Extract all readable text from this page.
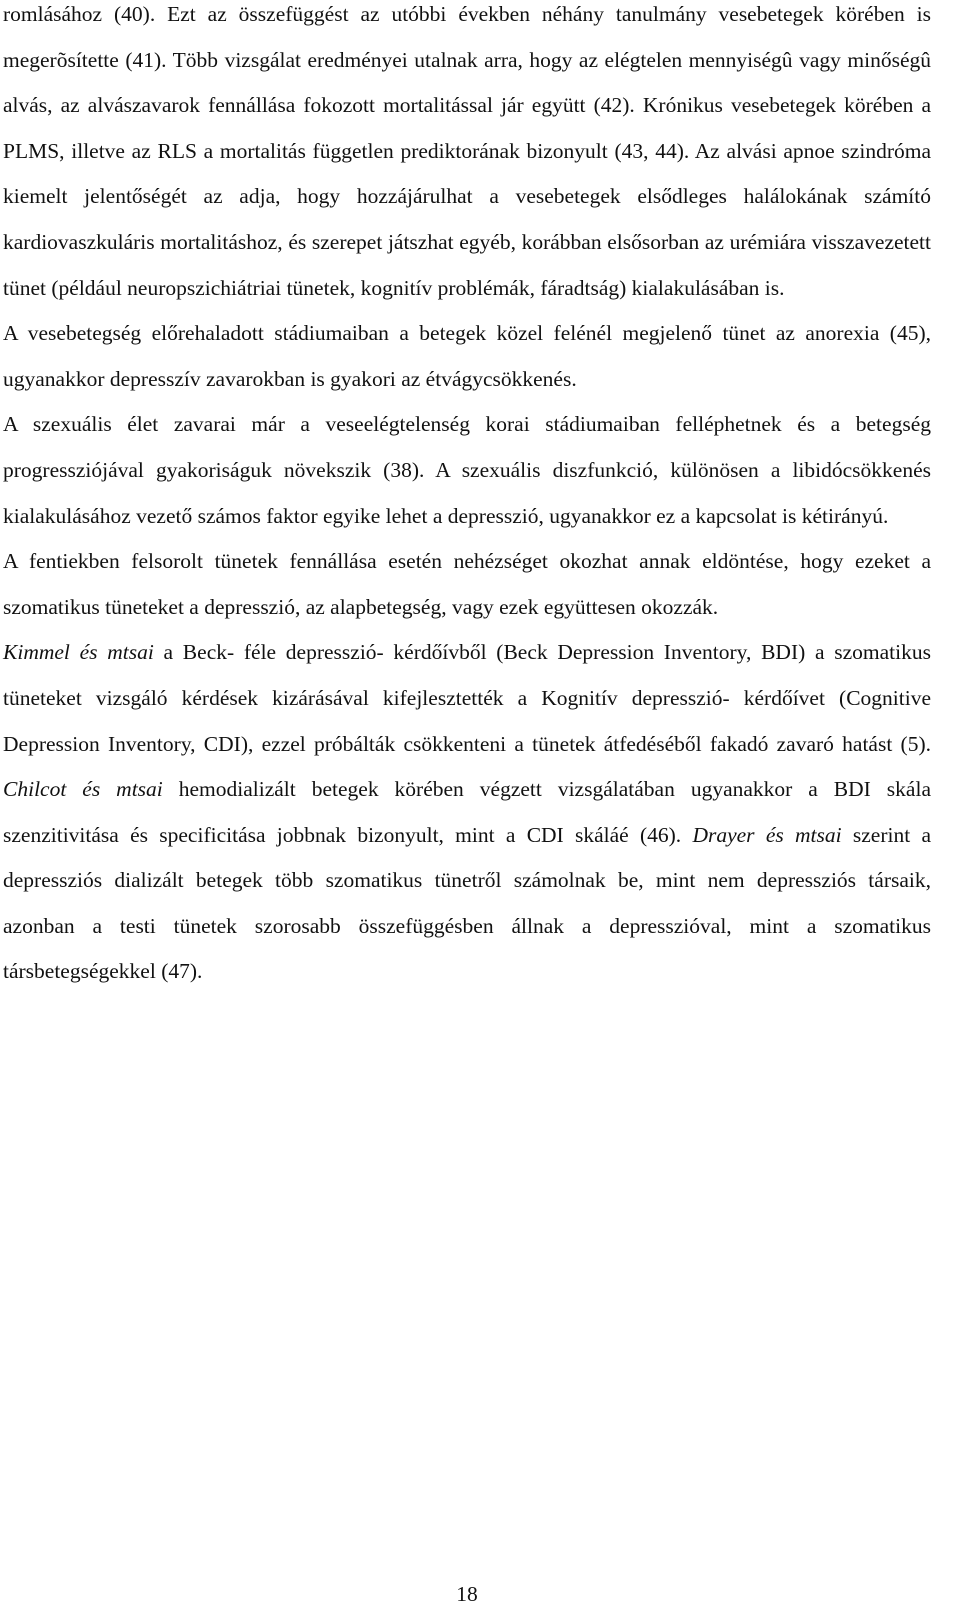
romlásához (40). Ezt az összefüggést az utóbbi években néhány tanulmány vesebetegek körében is megerõsítette (41). Több vizsgálat eredményei utalnak arra, hogy az elégtelen mennyiségû vagy minőségû alvás, az alvászavarok fennállása fokozott mortalitással jár együtt (42). Krónikus vesebetegek körében a PLMS, illetve az RLS a mortalitás független prediktorának bizonyult (43, 44). Az alvási apnoe szindróma kiemelt jelentőségét az adja, hogy hozzájárulhat a vesebetegek elsődleges halálokának számító kardiovaszkuláris mortalitáshoz, és szerepet játszhat egyéb, korábban elsősorban az urémiára visszavezetett tünet (például neuropszichiátriai tünetek, kognitív problémák, fáradtság) kialakulásában is.

A vesebetegség előrehaladott stádiumaiban a betegek közel felénél megjelenő tünet az anorexia (45), ugyanakkor depresszív zavarokban is gyakori az étvágycsökkenés.

A szexuális élet zavarai már a veseelégtelenség korai stádiumaiban felléphetnek és a betegség progressziójával gyakoriságuk növekszik (38). A szexuális diszfunkció, különösen a libidócsökkenés kialakulásához vezető számos faktor egyike lehet a depresszió, ugyanakkor ez a kapcsolat is kétirányú.

A fentiekben felsorolt tünetek fennállása esetén nehézséget okozhat annak eldöntése, hogy ezeket a szomatikus tüneteket a depresszió, az alapbetegség, vagy ezek együttesen okozzák.

Kimmel és mtsai a Beck- féle depresszió- kérdőívből (Beck Depression Inventory, BDI) a szomatikus tüneteket vizsgáló kérdések kizárásával kifejlesztették a Kognitív depresszió- kérdőívet (Cognitive Depression Inventory, CDI), ezzel próbálták csökkenteni a tünetek átfedéséből fakadó zavaró hatást (5). Chilcot és mtsai hemodializált betegek körében végzett vizsgálatában ugyanakkor a BDI skála szenzitivitása és specificitása jobbnak bizonyult, mint a CDI skáláé (46). Drayer és mtsai szerint a depressziós dializált betegek több szomatikus tünetről számolnak be, mint nem depressziós társaik, azonban a testi tünetek szorosabb összefüggésben állnak a depresszióval, mint a szomatikus társbetegségekkel (47).

18
